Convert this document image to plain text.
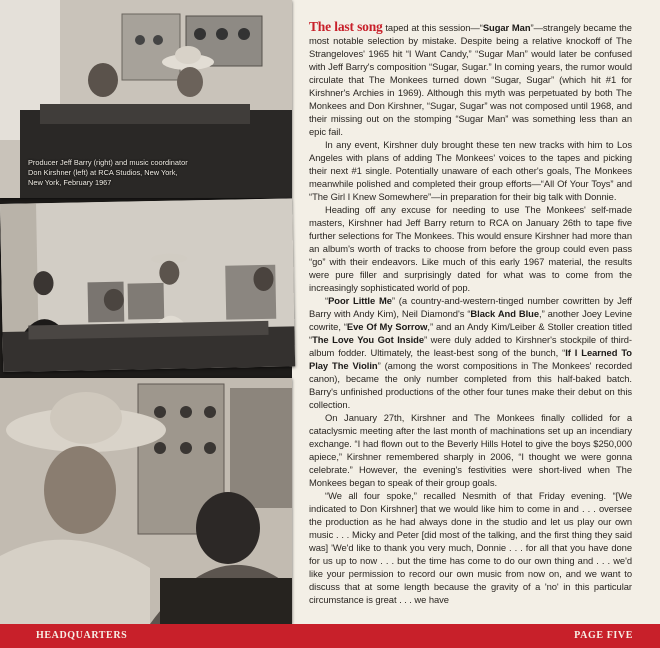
Producer Jeff Barry (right) and music coordinator
Don Kirshner (left) at RCA Studios, New York,
New York, February 1967

The last song taped at this session—“Sugar Man”—strangely became the most notable selection by mistake. Despite being a relative knockoff of The Strangeloves' 1965 hit “I Want Candy,” “Sugar Man” would later be confused with Jeff Barry's composition “Sugar, Sugar.” In coming years, the rumor would circulate that The Monkees turned down “Sugar, Sugar” (which hit #1 for Kirshner's Archies in 1969). Although this myth was perpetuated by both The Monkees and Don Kirshner, “Sugar, Sugar” was not composed until 1968, and their missing out on the stomping “Sugar Man” was something less than an epic fail.

In any event, Kirshner duly brought these ten new tracks with him to Los Angeles with plans of adding The Monkees' voices to the tapes and picking their next #1 single. Potentially unaware of each other's goals, The Monkees meanwhile polished and completed their group efforts—“All Of Your Toys” and “The Girl I Knew Somewhere”—in preparation for their big talk with Donnie.

Heading off any excuse for needing to use The Monkees' self-made masters, Kirshner had Jeff Barry return to RCA on January 26th to tape five further selections for The Monkees. This would ensure Kirshner had more than an album's worth of tracks to choose from before the group could even pass “go” with their endeavors. Like much of this early 1967 material, the results were pure filler and surprisingly dated for what was to come from the increasingly sophisticated world of pop.

“Poor Little Me” (a country-and-western-tinged number cowritten by Jeff Barry with Andy Kim), Neil Diamond's “Black And Blue,” another Joey Levine cowrite, “Eve Of My Sorrow,” and an Andy Kim/Leiber & Stoller creation titled “The Love You Got Inside” were duly added to Kirshner's stockpile of third-album fodder. Ultimately, the least-best song of the bunch, “If I Learned To Play The Violin” (among the worst compositions in The Monkees' recorded canon), became the only number completed from this half-baked batch. Barry's unfinished productions of the other four tunes make their debut on this collection.

On January 27th, Kirshner and The Monkees finally collided for a cataclysmic meeting after the last month of machinations set up an incendiary exchange. “I had flown out to the Beverly Hills Hotel to give the boys $250,000 apiece,” Kirshner remembered sharply in 2006, “I thought we were gonna celebrate.” However, the evening's festivities were short-lived when The Monkees began to speak of their group goals.

“We all four spoke,” recalled Nesmith of that Friday evening. “[We indicated to Don Kirshner] that we would like him to come in and . . . oversee the production as he had always done in the studio and let us play our own music . . . Micky and Peter [did most of the talking, and the first thing they said was] 'We'd like to thank you very much, Donnie . . . for all that you have done for us up to now . . . but the time has come to do our own thing and . . . we'd like your permission to record our own music from now on, and we want to discuss that at some length because the gravity of a 'no' in this particular circumstance is great . . . we have

HEADQUARTERS	PAGE FIVE
